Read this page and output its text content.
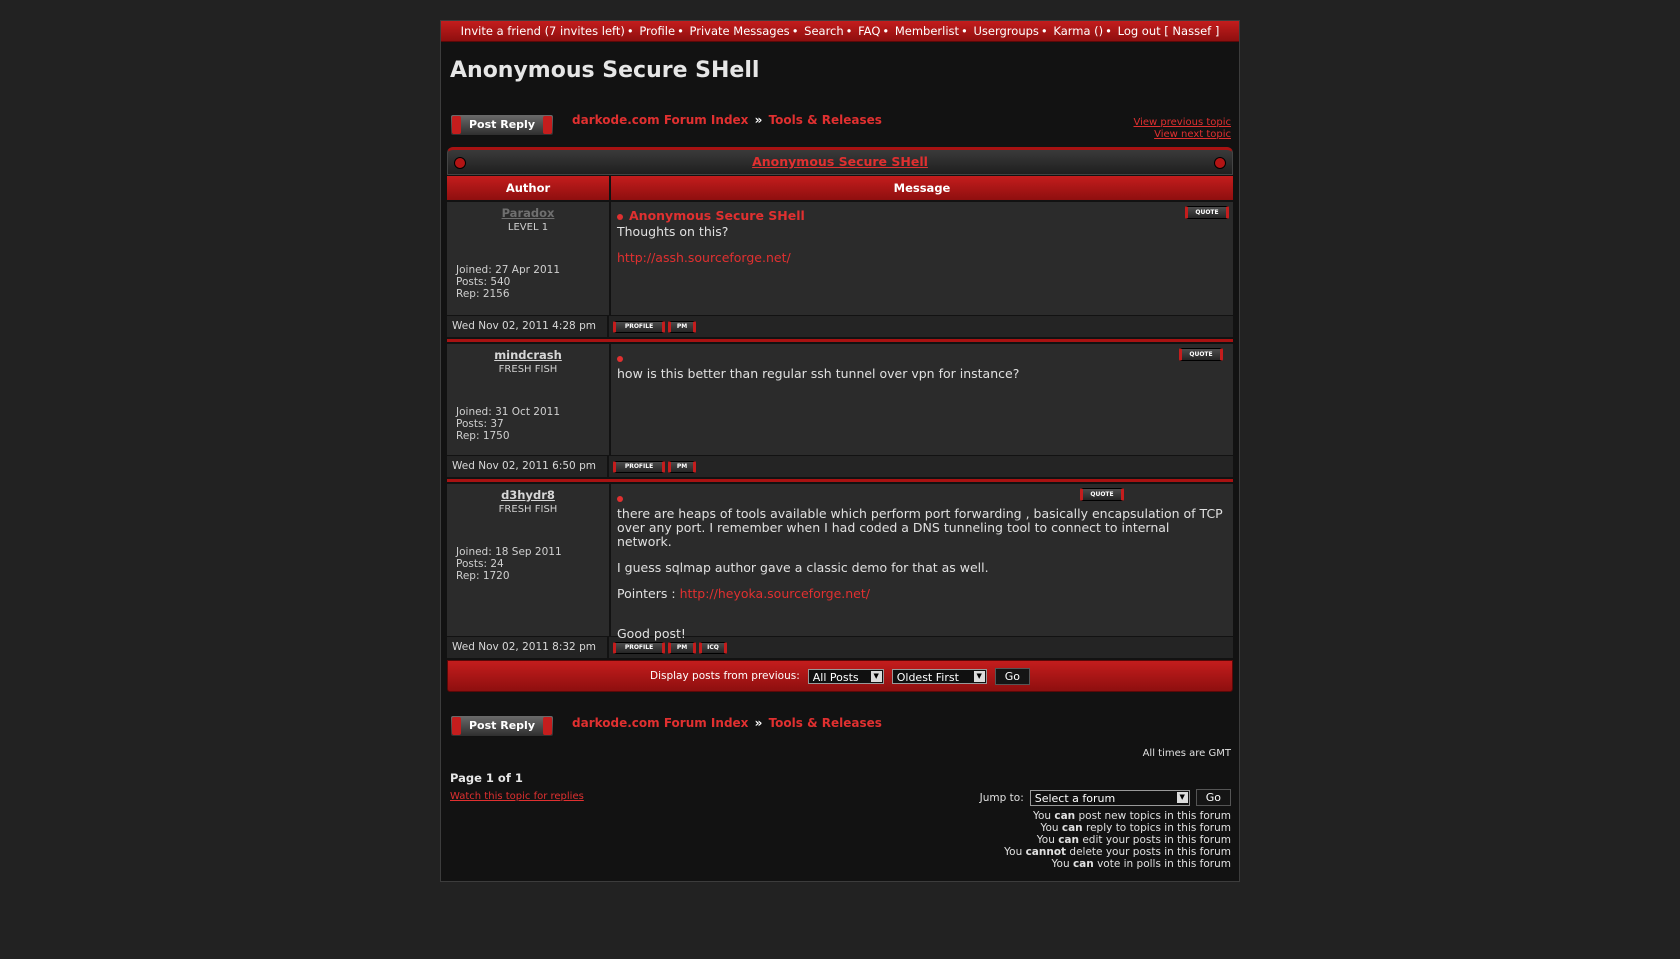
Invite a friend (7 invites left) • Profile • Private Messages • Search • FAQ • Memberlist • Usergroups • Karma () • Log out [ Nassef ]
Anonymous Secure SHell
Post Reply	darkode.com Forum Index » Tools & Releases	View previous topic
View next topic
Anonymous Secure SHell
Author	Message
Paradox
LEVEL 1
Joined: 27 Apr 2011
Posts: 540
Rep: 2156
Anonymous Secure SHell
Thoughts on this?
http://assh.sourceforge.net/
QUOTE
Wed Nov 02, 2011 4:28 pm	PROFILE	PM
mindcrash
FRESH FISH
Joined: 31 Oct 2011
Posts: 37
Rep: 1750
how is this better than regular ssh tunnel over vpn for instance?
QUOTE
Wed Nov 02, 2011 6:50 pm	PROFILE	PM
d3hydr8
FRESH FISH
Joined: 18 Sep 2011
Posts: 24
Rep: 1720
there are heaps of tools available which perform port forwarding , basically encapsulation of TCP over any port. I remember when I had coded a DNS tunneling tool to connect to internal network.
I guess sqlmap author gave a classic demo for that as well.
Pointers : http://heyoka.sourceforge.net/
Good post!
QUOTE
Wed Nov 02, 2011 8:32 pm	PROFILE	PM	ICQ
Display posts from previous:	All Posts	▼	Oldest First	▼	Go
Post Reply	darkode.com Forum Index » Tools & Releases
All times are GMT
Page 1 of 1
Watch this topic for replies	Jump to:	Select a forum	▼	Go
You can post new topics in this forum
You can reply to topics in this forum
You can edit your posts in this forum
You cannot delete your posts in this forum
You can vote in polls in this forum
